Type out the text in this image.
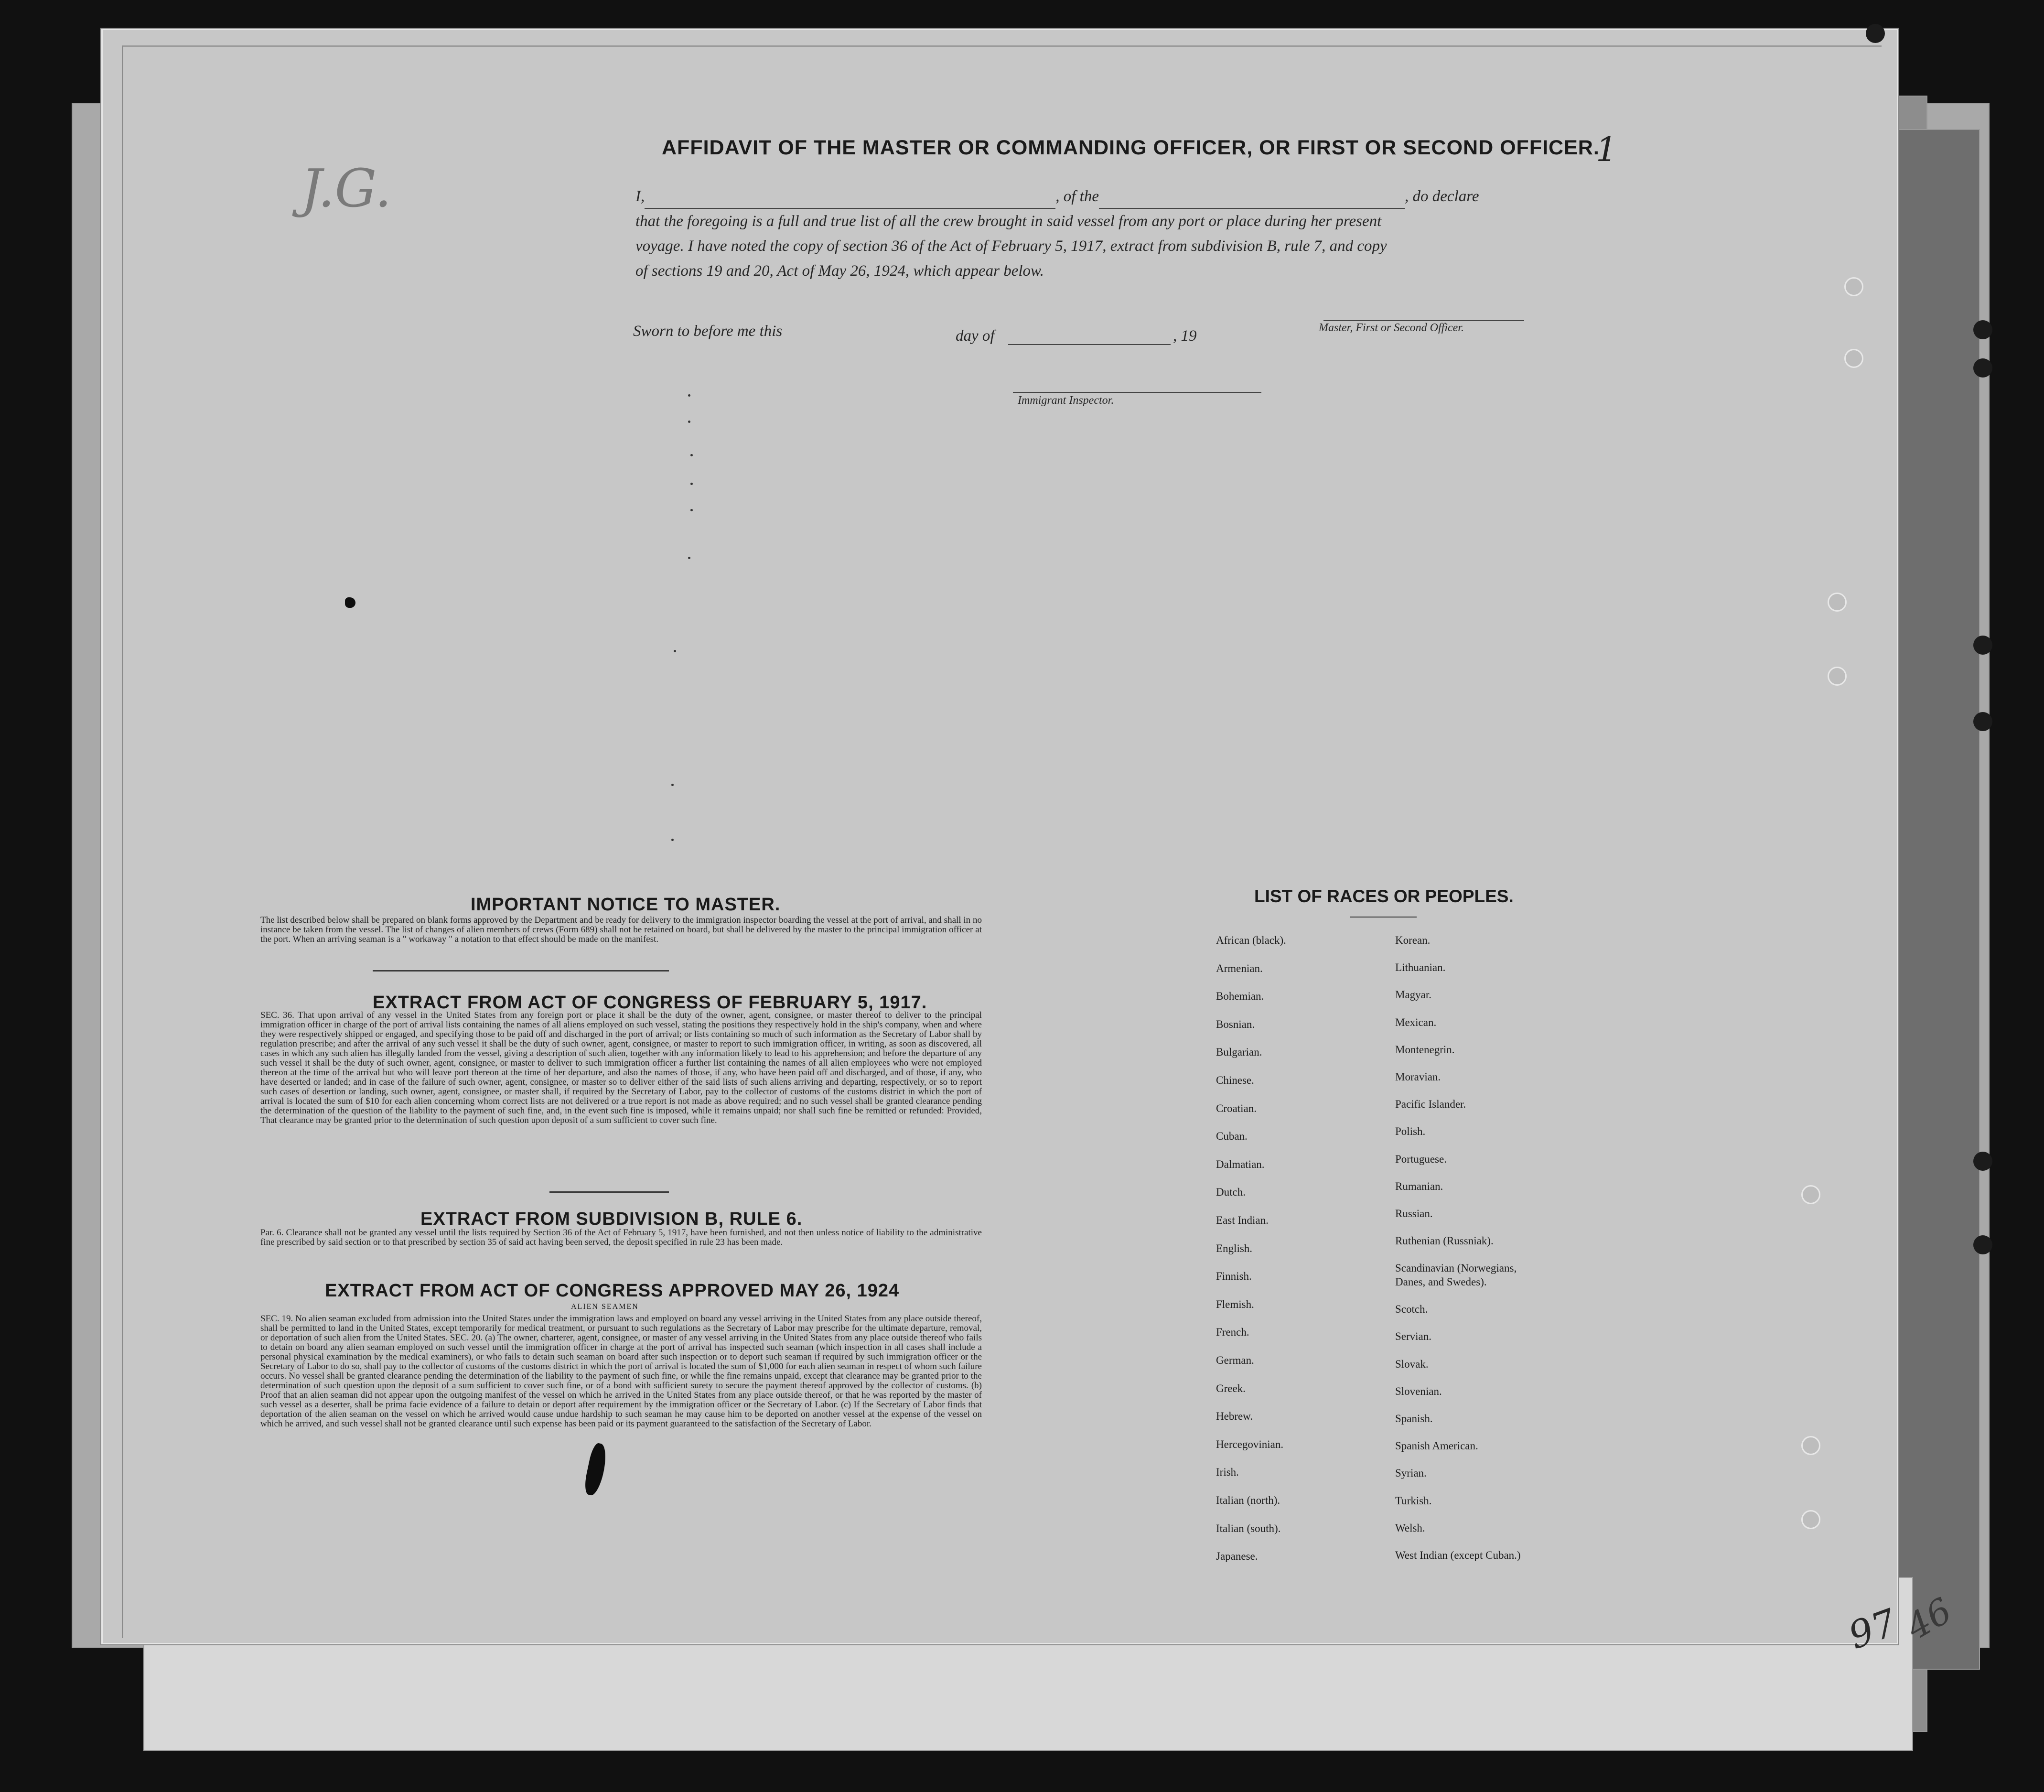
AFFIDAVIT OF THE MASTER OR COMMANDING OFFICER, OR FIRST OR SECOND OFFICER.
1
J.G.	I,	, of the	, do declare
that the foregoing is a full and true list of all the crew brought in said vessel from any port or place during her present
voyage. I have noted the copy of section 36 of the Act of February 5, 1917, extract from subdivision B, rule 7, and copy
of sections 19 and 20, Act of May 26, 1924, which appear below.
Sworn to before me this	day of	, 19	Master, First or Second Officer.
Immigrant Inspector.
IMPORTANT NOTICE TO MASTER.
The list described below shall be prepared on blank forms approved by the Department and be ready for delivery to the immigration inspector boarding the vessel at the port of arrival, and shall in no instance be taken from the vessel. The list of changes of alien members of crews (Form 689) shall not be retained on board, but shall be delivered by the master to the principal immigration officer at the port. When an arriving seaman is a " workaway " a notation to that effect should be made on the manifest.
EXTRACT FROM ACT OF CONGRESS OF FEBRUARY 5, 1917.
SEC. 36. That upon arrival of any vessel in the United States from any foreign port or place it shall be the duty of the owner, agent, consignee, or master thereof to deliver to the principal immigration officer in charge of the port of arrival lists containing the names of all aliens employed on such vessel, stating the positions they respectively hold in the ship's company, when and where they were respectively shipped or engaged, and specifying those to be paid off and discharged in the port of arrival; or lists containing so much of such information as the Secretary of Labor shall by regulation prescribe; and after the arrival of any such vessel it shall be the duty of such owner, agent, consignee, or master to report to such immigration officer, in writing, as soon as discovered, all cases in which any such alien has illegally landed from the vessel, giving a description of such alien, together with any information likely to lead to his apprehension; and before the departure of any such vessel it shall be the duty of such owner, agent, consignee, or master to deliver to such immigration officer a further list containing the names of all alien employees who were not employed thereon at the time of the arrival but who will leave port thereon at the time of her departure, and also the names of those, if any, who have been paid off and discharged, and of those, if any, who have deserted or landed; and in case of the failure of such owner, agent, consignee, or master so to deliver either of the said lists of such aliens arriving and departing, respectively, or so to report such cases of desertion or landing, such owner, agent, consignee, or master shall, if required by the Secretary of Labor, pay to the collector of customs of the customs district in which the port of arrival is located the sum of $10 for each alien concerning whom correct lists are not delivered or a true report is not made as above required; and no such vessel shall be granted clearance pending the determination of the question of the liability to the payment of such fine, and, in the event such fine is imposed, while it remains unpaid; nor shall such fine be remitted or refunded: Provided, That clearance may be granted prior to the determination of such question upon deposit of a sum sufficient to cover such fine.
EXTRACT FROM SUBDIVISION B, RULE 6.
Par. 6. Clearance shall not be granted any vessel until the lists required by Section 36 of the Act of February 5, 1917, have been furnished, and not then unless notice of liability to the administrative fine prescribed by said section or to that prescribed by section 35 of said act having been served, the deposit specified in rule 23 has been made.
EXTRACT FROM ACT OF CONGRESS APPROVED MAY 26, 1924
ALIEN SEAMEN
SEC. 19. No alien seaman excluded from admission into the United States under the immigration laws and employed on board any vessel arriving in the United States from any place outside thereof, shall be permitted to land in the United States, except temporarily for medical treatment, or pursuant to such regulations as the Secretary of Labor may prescribe for the ultimate departure, removal, or deportation of such alien from the United States. SEC. 20. (a) The owner, charterer, agent, consignee, or master of any vessel arriving in the United States from any place outside thereof who fails to detain on board any alien seaman employed on such vessel until the immigration officer in charge at the port of arrival has inspected such seaman (which inspection in all cases shall include a personal physical examination by the medical examiners), or who fails to detain such seaman on board after such inspection or to deport such seaman if required by such immigration officer or the Secretary of Labor to do so, shall pay to the collector of customs of the customs district in which the port of arrival is located the sum of $1,000 for each alien seaman in respect of whom such failure occurs. No vessel shall be granted clearance pending the determination of the liability to the payment of such fine, or while the fine remains unpaid, except that clearance may be granted prior to the determination of such question upon the deposit of a sum sufficient to cover such fine, or of a bond with sufficient surety to secure the payment thereof approved by the collector of customs. (b) Proof that an alien seaman did not appear upon the outgoing manifest of the vessel on which he arrived in the United States from any place outside thereof, or that he was reported by the master of such vessel as a deserter, shall be prima facie evidence of a failure to detain or deport after requirement by the immigration officer or the Secretary of Labor. (c) If the Secretary of Labor finds that deportation of the alien seaman on the vessel on which he arrived would cause undue hardship to such seaman he may cause him to be deported on another vessel at the expense of the vessel on which he arrived, and such vessel shall not be granted clearance until such expense has been paid or its payment guaranteed to the satisfaction of the Secretary of Labor.
LIST OF RACES OR PEOPLES.
African (black).
Armenian.
Bohemian.
Bosnian.
Bulgarian.
Chinese.
Croatian.
Cuban.
Dalmatian.
Dutch.
East Indian.
English.
Finnish.
Flemish.
French.
German.
Greek.
Hebrew.
Hercegovinian.
Irish.
Italian (north).
Italian (south).
Japanese.
Korean.
Lithuanian.
Magyar.
Mexican.
Montenegrin.
Moravian.
Pacific Islander.
Polish.
Portuguese.
Rumanian.
Russian.
Ruthenian (Russniak).
Scandinavian (Norwegians,
Danes, and Swedes).
Scotch.
Servian.
Slovak.
Slovenian.
Spanish.
Spanish American.
Syrian.
Turkish.
Welsh.
West Indian (except Cuban.)
97
46
